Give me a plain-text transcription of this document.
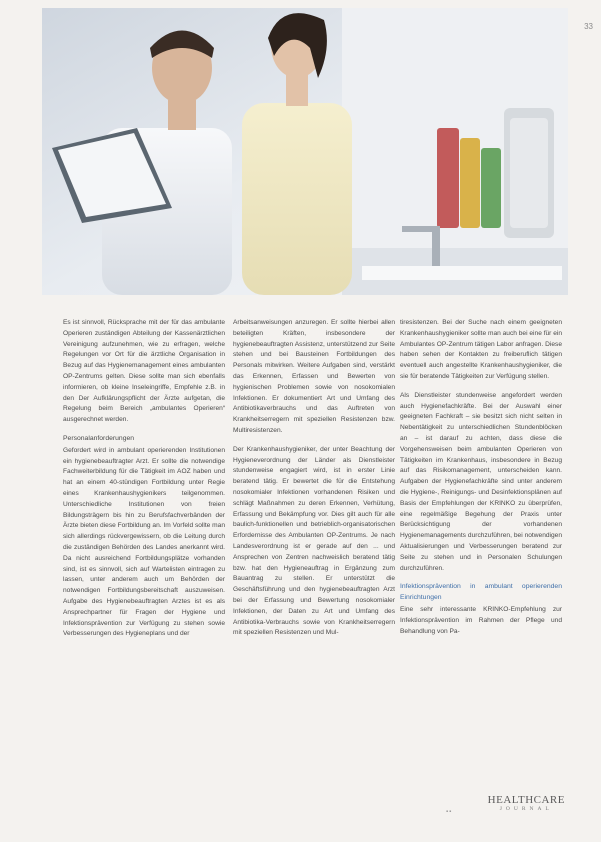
33

Es ist sinnvoll, Rücksprache mit der für das ambulante Operieren zuständigen Abteilung der Kassenärztlichen Vereinigung aufzunehmen, wie zu erfragen, welche Regelungen vor Ort für die ärztliche Organisation in Bezug auf das Hygienemanagement eines ambulanten OP-Zentrums gelten. Diese sollte man sich ebenfalls informieren, ob kleine Inseleingriffe, Empfehle z.B. in den Der Aufklärungspflicht der Ärzte aufgetan, die Regelung beim Bereich „ambulantes Operieren“ ausgerechnet werden.

Personalanforderungen

Gefordert wird in ambulant operierenden Institutionen ein hygienebeauftragter Arzt. Er sollte die notwendige Fachweiterbildung für die Tätigkeit im AOZ haben und hat an einem 40-stündigen Fortbildung unter Regie eines Krankenhaushygienikers teilgenommen. Unterschiedliche Institutionen von freien Bildungsträgern bis hin zu Berufsfachverbänden der Ärzte bieten diese Fortbildung an. Im Vorfeld sollte man sich allerdings rückvergewissern, ob die Leitung durch die zuständigen Behörden des Landes anerkannt wird. Da nicht ausreichend Fortbildungsplätze vorhanden sind, ist es sinnvoll, sich auf Wartelisten eintragen zu lassen, unter anderem auch um Behörden der notwendigen Fortbildungsbereitschaft auszuweisen. Aufgabe des Hygienebeauftragten Arztes ist es als Ansprechpartner für Fragen der Hygiene und Infektionsprävention zur Verfügung zu stehen sowie Verbesserungen des Hygieneplans und der

Arbeitsanweisungen anzuregen. Er sollte hierbei allen beteiligten Kräften, insbesondere der hygienebeauftragten Assistenz, unterstützend zur Seite stehen und bei Bausteinen Fortbildungen des Personals mitwirken. Weitere Aufgaben sind, verstärkt das Erkennen, Erfassen und Bewerten von hygienischen Problemen sowie von nosokomialen Infektionen. Er dokumentiert Art und Umfang des Antibiotikaverbrauchs und das Auftreten von Krankheitserregern mit speziellen Resistenzen bzw. Multiresistenzen.

Der Krankenhaushygieniker, der unter Beachtung der Hygieneverordnung der Länder als Dienstleister stundenweise engagiert wird, ist in erster Linie beratend tätig. Er bewertet die für die Entstehung nosokomialer Infektionen vorhandenen Risiken und schlägt Maßnahmen zu deren Erkennen, Verhütung, Erfassung und Bekämpfung vor. Dies gilt auch für alle baulich-funktionellen und betrieblich-organisatorischen Erfordernisse des Ambulanten OP-Zentrums. Je nach Landesverordnung ist er gerade auf den ... und Ansprechen von Zentren nachweislich beratend tätig bzw. hat den Hygieneauftrag in Ergänzung zum Bauantrag zu stellen. Er unterstützt die Geschäftsführung und den hygienebeauftragten Arzt bei der Erfassung und Bewertung nosokomialer Infektionen, der Daten zu Art und Umfang des Antibiotika-Verbrauchs sowie von Krankheitserregern mit speziellen Resistenzen und Mul-

tiresistenzen. Bei der Suche nach einem geeigneten Krankenhaushygieniker sollte man auch bei eine für ein Ambulantes OP-Zentrum tätigen Labor anfragen. Diese haben sehen der Kontakten zu freiberuflich tätigen eventuell auch angestellte Krankenhaushygieniker, die sie für beratende Tätigkeiten zur Verfügung stellen.

Als Dienstleister stundenweise angefordert werden auch Hygienefachkräfte. Bei der Auswahl einer geeigneten Fachkraft – sie besitzt sich nicht selten in Nebentätigkeit zu unterschiedlichen Stundenblöcken an – ist darauf zu achten, dass diese die Vorgehensweisen beim ambulanten Operieren von Tätigkeiten im Krankenhaus, insbesondere in Bezug auf das Risikomanagement, unterscheiden kann. Aufgaben der Hygienefachkräfte sind unter anderem die Hygiene-, Reinigungs- und Desinfektionsplänen auf Basis der Empfehlungen der KRINKO zu überprüfen, eine regelmäßige Begehung der Praxis unter Berücksichtigung der vorhandenen Hygienemanagements durchzuführen, bei notwendigen Aktualisierungen und Verbesserungen beratend zur Seite zu stehen und in Personalen Schulungen durchzuführen.

Infektionsprävention in ambulant operierenden Einrichtungen

Eine sehr interessante KRINKO-Empfehlung zur Infektionsprävention im Rahmen der Pflege und Behandlung von Pa-

▪▪
HEALTHCARE
JOURNAL
